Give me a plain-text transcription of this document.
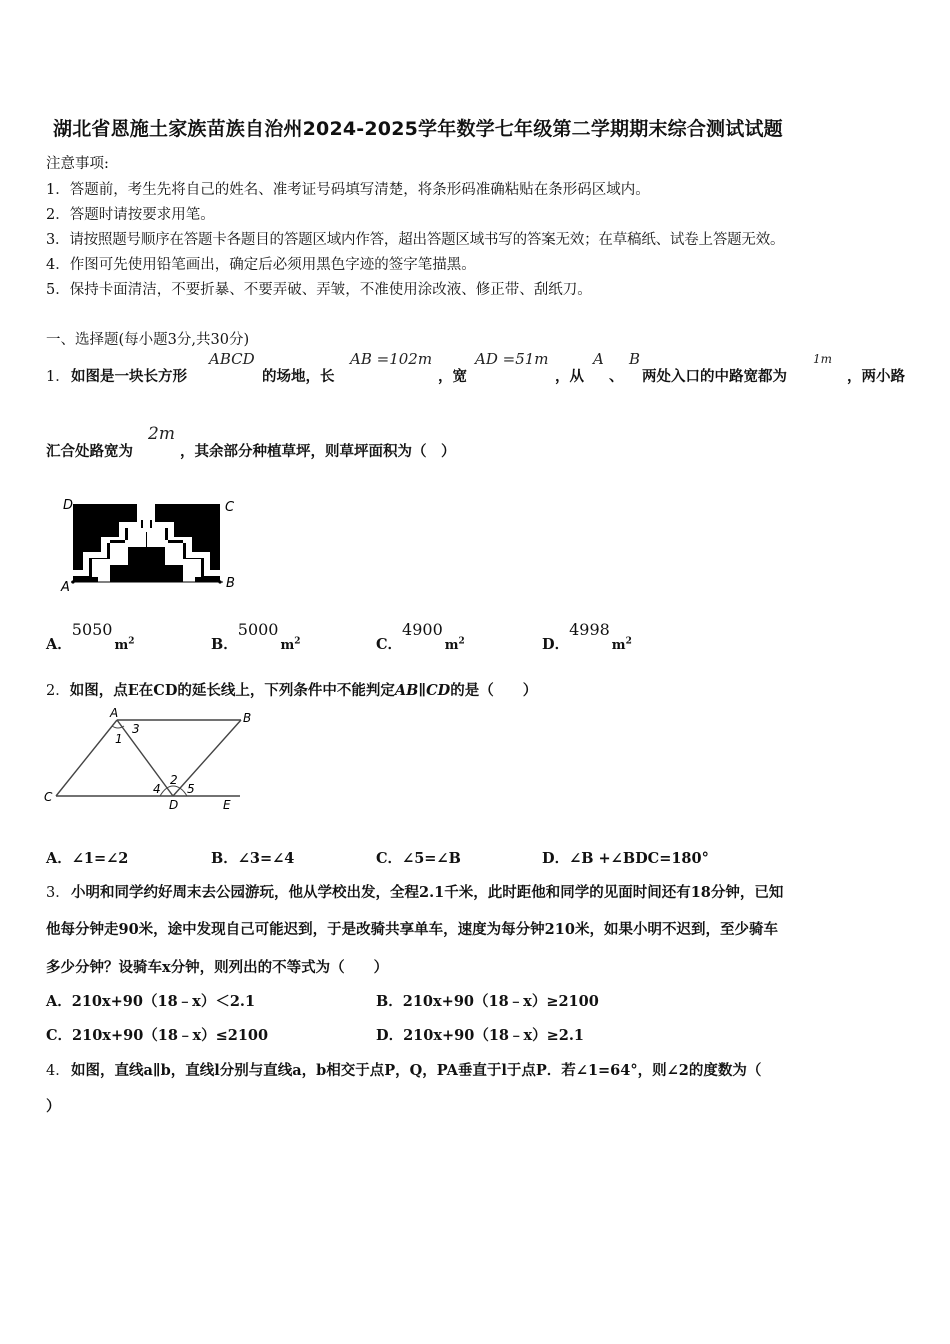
湖北省恩施土家族苗族自治州2024-2025学年数学七年级第二学期期末综合测试试题
注意事项:
1．答题前，考生先将自己的姓名、准考证号码填写清楚，将条形码准确粘贴在条形码区域内。
2．答题时请按要求用笔。
3．请按照题号顺序在答题卡各题目的答题区域内作答，超出答题区域书写的答案无效；在草稿纸、试卷上答题无效。
4．作图可先使用铅笔画出，确定后必须用黑色字迹的签字笔描黑。
5．保持卡面清洁，不要折暴、不要弄破、弄皱，不准使用涂改液、修正带、刮纸刀。
一、选择题(每小题3分,共30分)
1． 如图是一块长方形
ABCD
的场地，长
AB =102m
，宽
AD =51m
，从
A
、
B
两处入口的中路宽都为
1m
，两小路
汇合处路宽为
2m
，其余部分种植草坪，则草坪面积为（　）
D	C
A	B
A．$5050m^2$	B．$5000m^2$	C．$4900m^2$	D．$4998m^2$
2．如图，点E在CD的延长线上，下列条件中不能判定AB∥CD的是（　　）
A	B
C
D	E
1
3
2
4 5
A．∠1=∠2	B．∠3=∠4	C．∠5=∠B	D．∠B +∠BDC=180°
3． 小明和同学约好周末去公园游玩，他从学校出发，全程2.1千米，此时距他和同学的见面时间还有18分钟，已知
他每分钟走90米，途中发现自己可能迟到，于是改骑共享单车，速度为每分钟210米，如果小明不迟到，至少骑车
多少分钟？设骑车x分钟，则列出的不等式为（　　）
A．210x+90（18﹣x）＜2.1	B．210x+90（18﹣x）≥2100
C．210x+90（18﹣x）≤2100	D．210x+90（18﹣x）≥2.1
4． 如图，直线a∥b，直线l分别与直线a，b相交于点P，Q，PA垂直于l于点P．若∠1=64°，则∠2的度数为（
）
